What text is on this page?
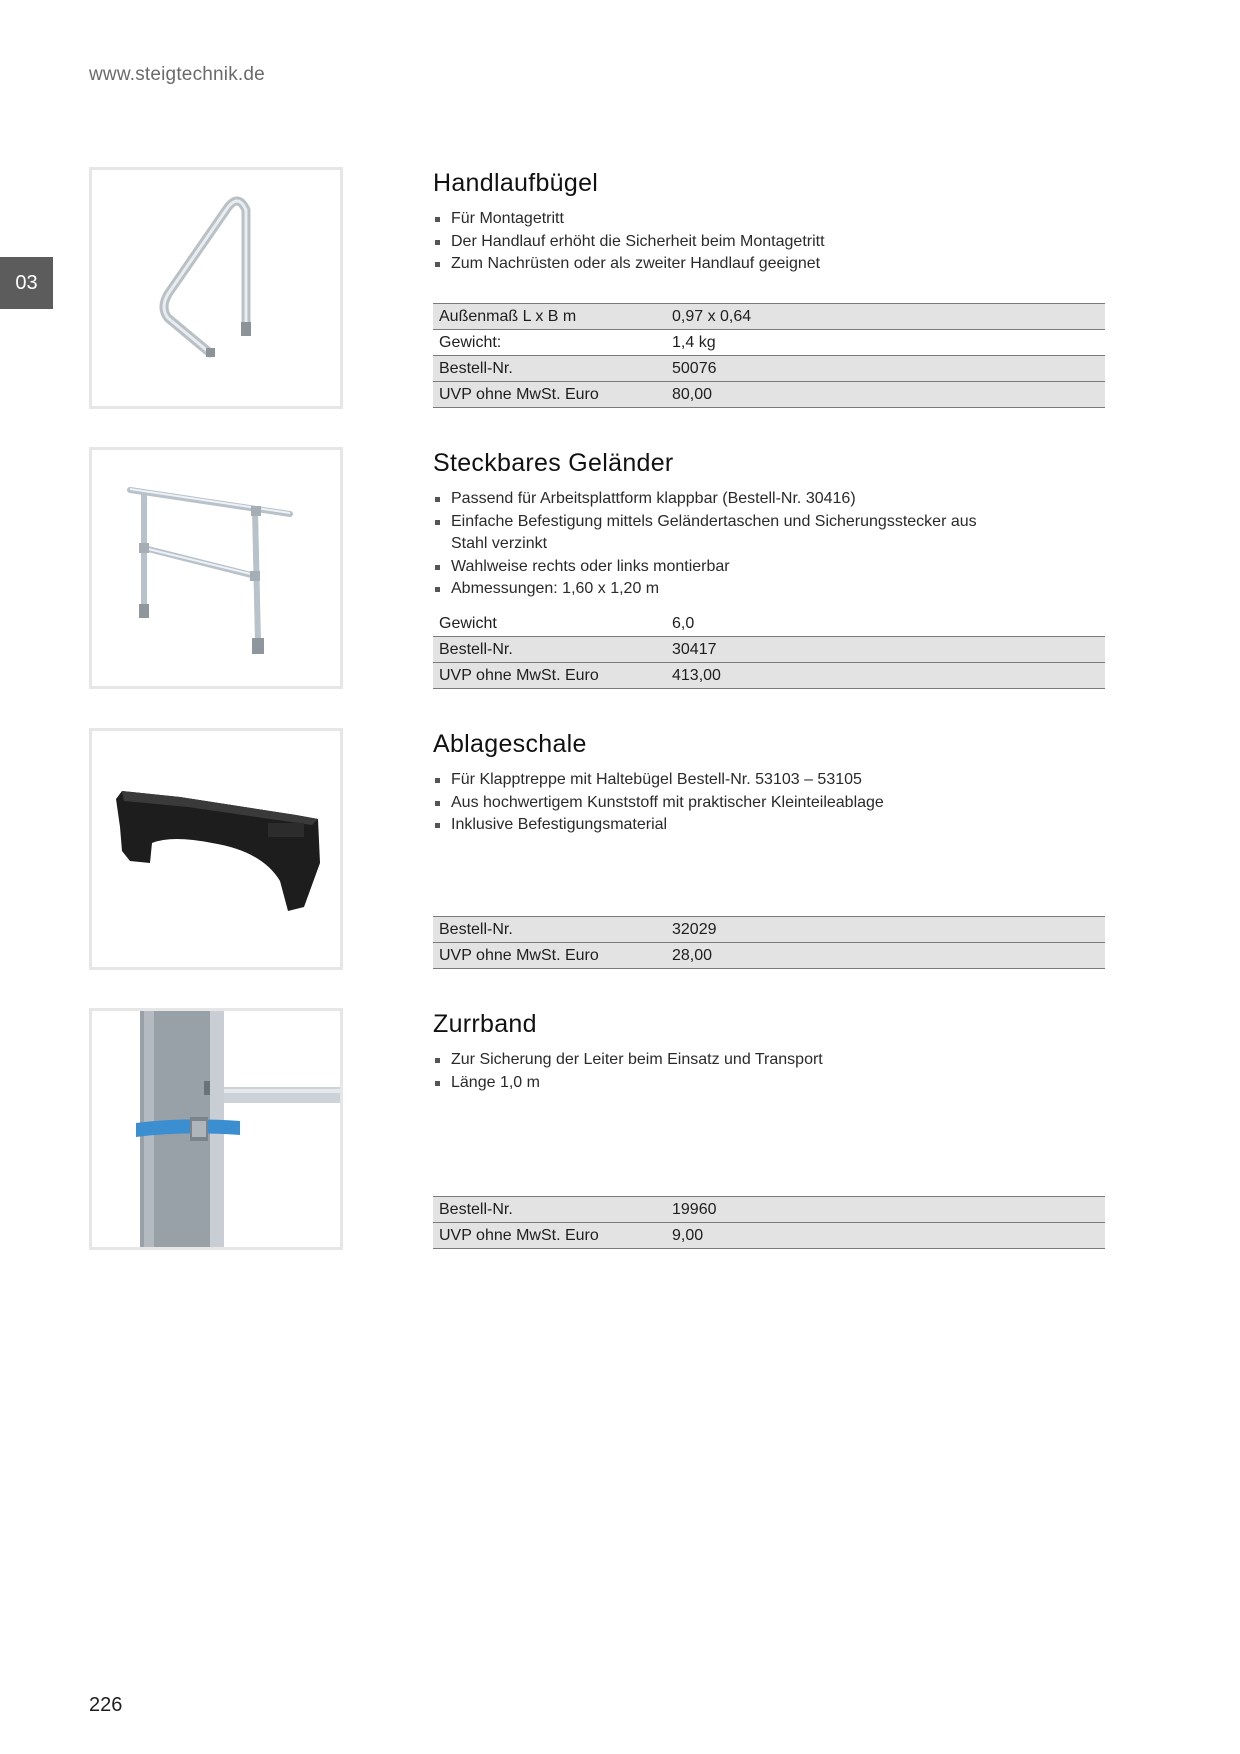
www.steigtechnik.de
03
Handlaufbügel
Für Montagetritt
Der Handlauf erhöht die Sicherheit beim Montagetritt
Zum Nachrüsten oder als zweiter Handlauf geeignet
Außenmaß L x B m	0,97 x 0,64
Gewicht:	1,4 kg
Bestell-Nr.	50076
UVP ohne MwSt. Euro	80,00
Steckbares Geländer
Passend für Arbeitsplattform klappbar (Bestell-Nr. 30416)
Einfache Befestigung mittels Geländertaschen und Sicherungsstecker aus Stahl verzinkt
Wahlweise rechts oder links montierbar
Abmessungen: 1,60 x 1,20 m
Gewicht	6,0
Bestell-Nr.	30417
UVP ohne MwSt. Euro	413,00
Ablageschale
Für Klapptreppe mit Haltebügel Bestell-Nr. 53103 – 53105
Aus hochwertigem Kunststoff mit praktischer Kleinteileablage
Inklusive Befestigungsmaterial
Bestell-Nr.	32029
UVP ohne MwSt. Euro	28,00
Zurrband
Zur Sicherung der Leiter beim Einsatz und Transport
Länge 1,0 m
Bestell-Nr.	19960
UVP ohne MwSt. Euro	9,00
226
